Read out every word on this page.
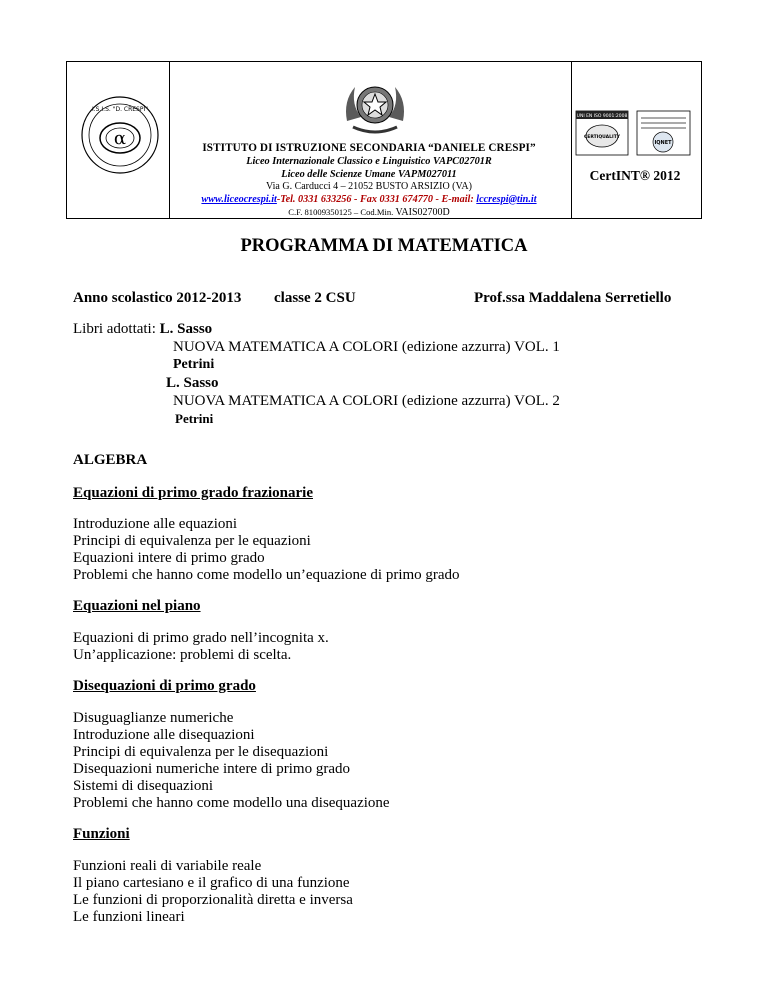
α
I.S.I.S. "D. CRESPI"
ISTITUTO DI ISTRUZIONE SECONDARIA “DANIELE CRESPI”
Liceo Internazionale Classico e Linguistico VAPC02701R
Liceo delle Scienze Umane VAPM027011
Via G. Carducci 4 – 21052 BUSTO ARSIZIO (VA)
www.liceocrespi.it-Tel. 0331 633256 - Fax 0331 674770 - E-mail: lccrespi@tin.it
C.F. 81009350125 – Cod.Min. VAIS02700D
UNI EN ISO 9001:2008
CERTIQUALITY
IQNET
CertINT® 2012
PROGRAMMA DI MATEMATICA
Anno scolastico 2012-2013 classe 2 CSU	Prof.ssa Maddalena Serretiello
Libri adottati: L. Sasso
NUOVA MATEMATICA A COLORI (edizione azzurra) VOL. 1
Petrini
L. Sasso
NUOVA MATEMATICA A COLORI (edizione azzurra) VOL. 2
Petrini
ALGEBRA
Equazioni di primo grado frazionarie
Introduzione alle equazioni
Principi di equivalenza per le equazioni
Equazioni intere di primo grado
Problemi che hanno come modello un’equazione di primo grado
Equazioni nel piano
Equazioni di primo grado nell’incognita x.
Un’applicazione: problemi di scelta.
Disequazioni di primo grado
Disuguaglianze numeriche
Introduzione alle disequazioni
Principi di equivalenza per le disequazioni
Disequazioni numeriche intere di primo grado
Sistemi di disequazioni
Problemi che hanno come modello una disequazione
Funzioni
Funzioni reali di variabile reale
Il piano cartesiano e il grafico di una funzione
Le funzioni di proporzionalità diretta e inversa
Le funzioni lineari
